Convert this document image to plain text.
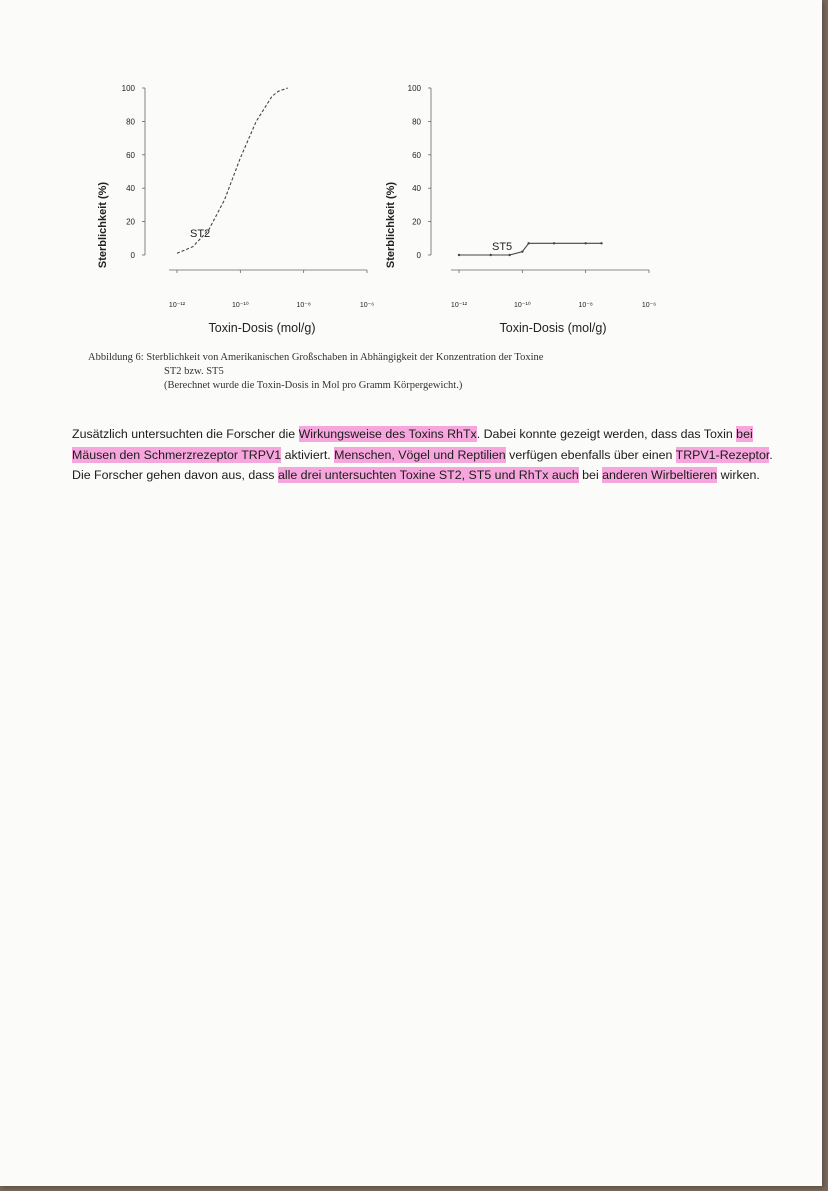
Sterblichkeit (%)
Toxin-Dosis (mol/g)
0
20
40
60
80
100
10⁻¹²	10⁻¹⁰	10⁻⁸	10⁻⁶
ST2	Sterblichkeit (%)
Toxin-Dosis (mol/g)
0
20
40
60
80
100
10⁻¹²	10⁻¹⁰	10⁻⁸	10⁻⁶
ST5
Abbildung 6: Sterblichkeit von Amerikanischen Großschaben in Abhängigkeit der Konzentration der Toxine
ST2 bzw. ST5
(Berechnet wurde die Toxin-Dosis in Mol pro Gramm Körpergewicht.)
Zusätzlich untersuchten die Forscher die Wirkungsweise des Toxins RhTx. Dabei konnte gezeigt werden, dass das Toxin bei Mäusen den Schmerzrezeptor TRPV1 aktiviert. Menschen, Vögel und Reptilien verfügen ebenfalls über einen TRPV1-Rezeptor. Die Forscher gehen davon aus, dass alle drei untersuchten Toxine ST2, ST5 und RhTx auch bei anderen Wirbeltieren wirken.
